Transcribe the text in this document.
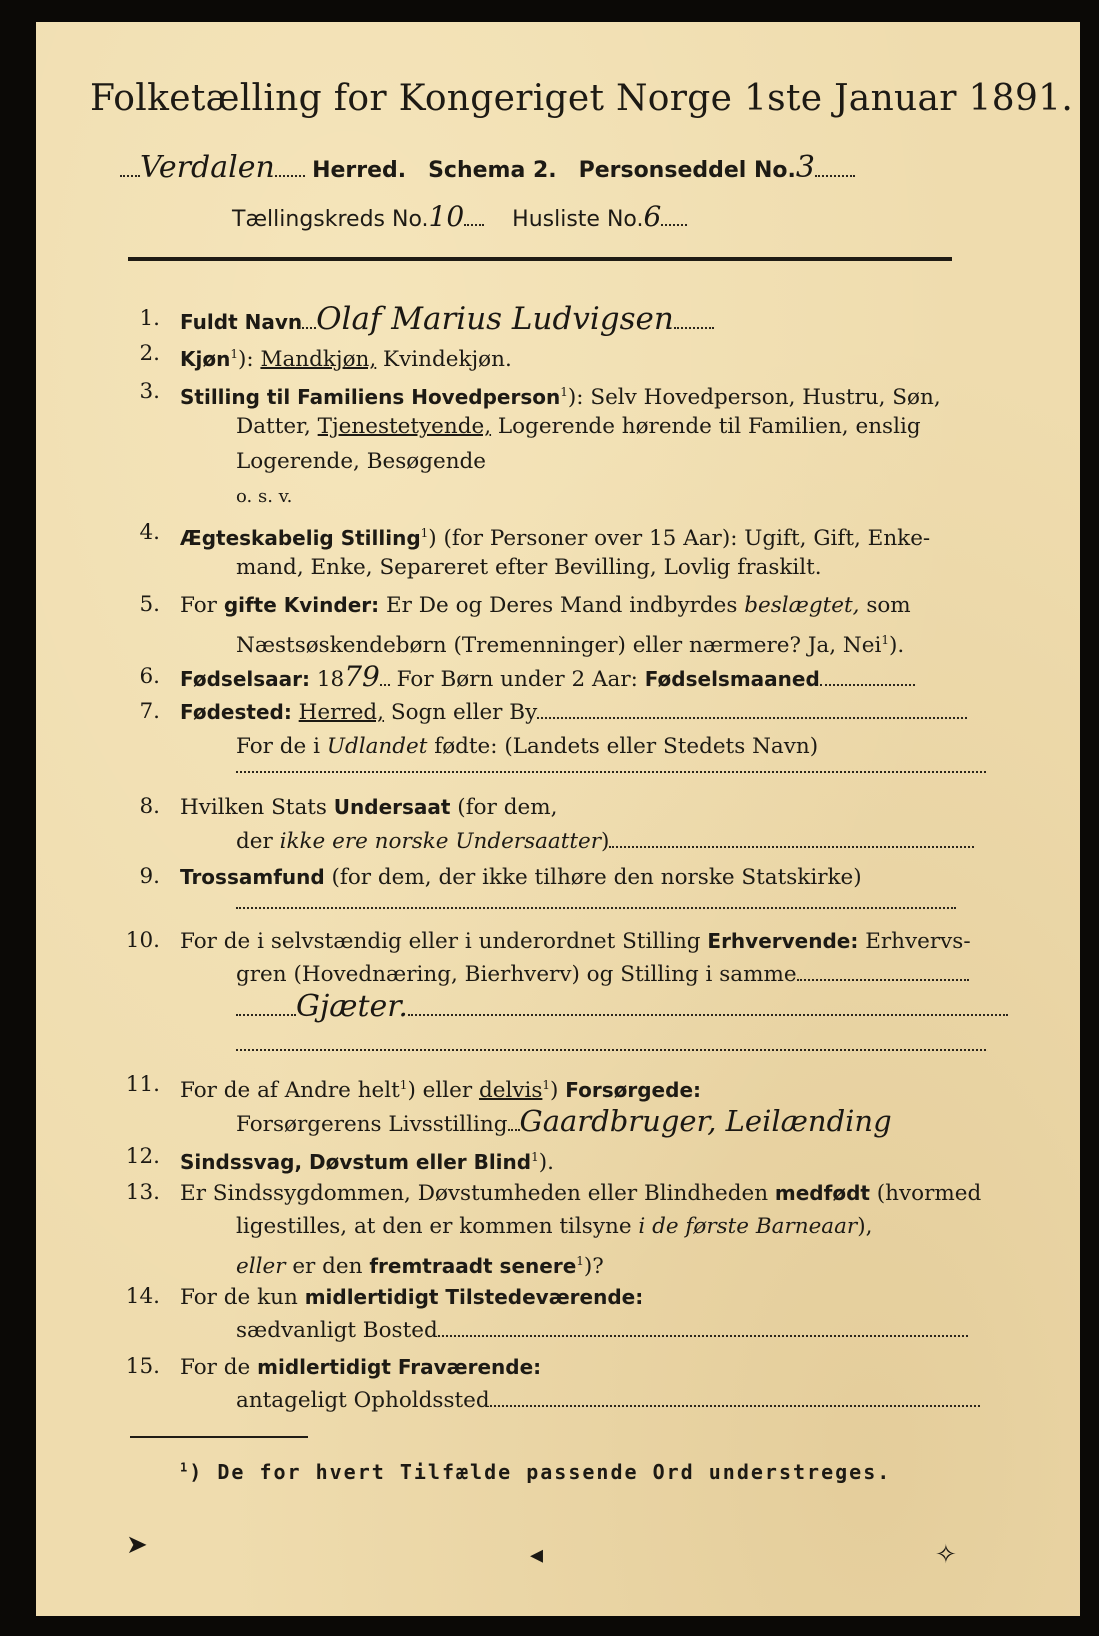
Folketælling for Kongeriget Norge 1ste Januar 1891.
Verdalen Herred. Schema 2. Personseddel No.3
Tællingskreds No.10 Husliste No.6
1. Fuldt Navn Olaf Marius Ludvigsen
2. Kjøn$^1$): Mandkjøn, Kvindekjøn.
3. Stilling til Familiens Hovedperson$^1$): Selv Hovedperson, Hustru, Søn,
Datter, Tjenestetyende, Logerende hørende til Familien, enslig
Logerende, Besøgende
o. s. v.
4. Ægteskabelig Stilling$^1$) (for Personer over 15 Aar): Ugift, Gift, Enke-
mand, Enke, Separeret efter Bevilling, Lovlig fraskilt.
5. For gifte Kvinder: Er De og Deres Mand indbyrdes beslægtet, som
Næstsøskendebørn (Tremenninger) eller nærmere? Ja, Nei$^1$).
6. Fødselsaar: 1879 For Børn under 2 Aar: Fødselsmaaned
7. Fødested: Herred, Sogn eller By
For de i Udlandet fødte: (Landets eller Stedets Navn)
8. Hvilken Stats Undersaat (for dem,
der ikke ere norske Undersaatter)
9. Trossamfund (for dem, der ikke tilhøre den norske Statskirke)
10. For de i selvstændig eller i underordnet Stilling Erhvervende: Erhvervs-
gren (Hovednæring, Bierhverv) og Stilling i samme
Gjæter.
11. For de af Andre helt$^1$) eller delvis$^1$) Forsørgede:
Forsørgerens Livsstilling Gaardbruger, Leilænding
12. Sindssvag, Døvstum eller Blind$^1$).
13. Er Sindssygdommen, Døvstumheden eller Blindheden medfødt (hvormed
ligestilles, at den er kommen tilsyne i de første Barneaar),
eller er den fremtraadt senere$^1$)?
14. For de kun midlertidigt Tilstedeværende:
sædvanligt Bosted
15. For de midlertidigt Fraværende:
antageligt Opholdssted
$^1$) De for hvert Tilfælde passende Ord understreges.
➤	◂	✧
